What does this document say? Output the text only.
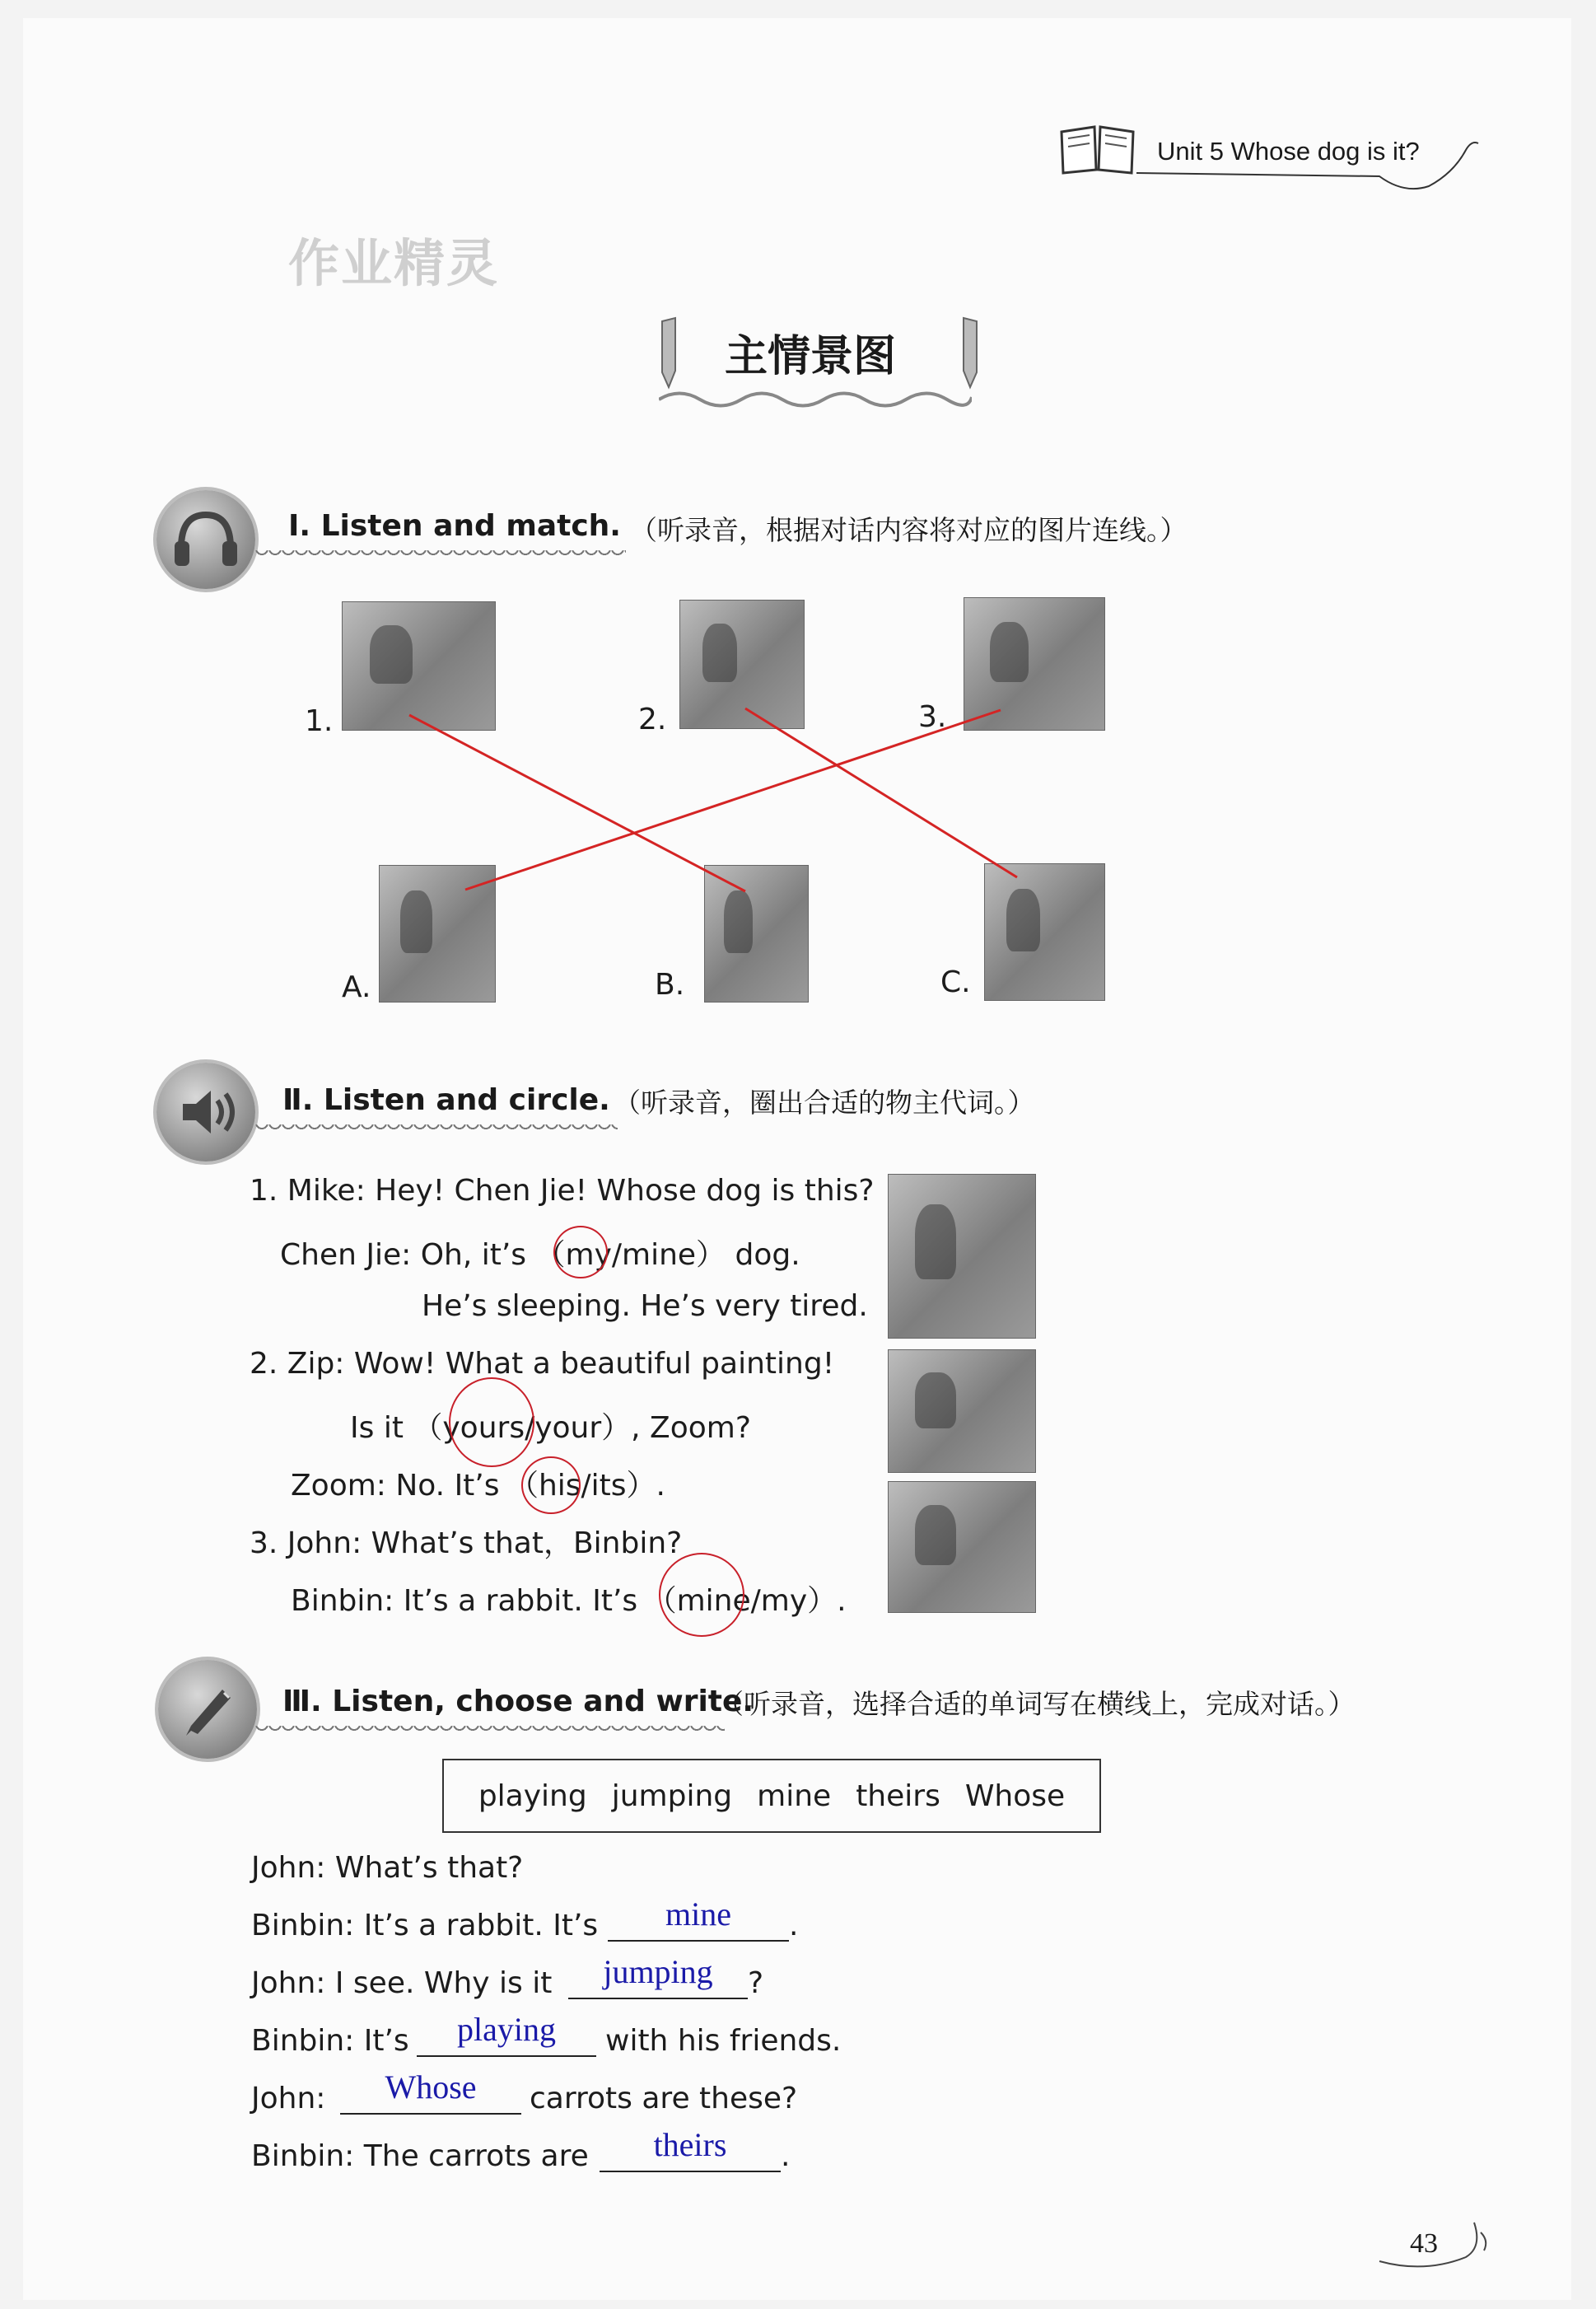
Unit 5 Whose dog is it?
作业精灵
主情景图
Ⅰ. Listen and match. （听录音，根据对话内容将对应的图片连线。）
1.	2.	3.
A.	B.	C.
Ⅱ. Listen and circle. （听录音，圈出合适的物主代词。）
1. Mike: Hey! Chen Jie! Whose dog is this?
Chen Jie: Oh, it’s （my/mine） dog.
He’s sleeping. He’s very tired.
2. Zip: Wow! What a beautiful painting!
Is it （yours/your）, Zoom?
Zoom: No. It’s （his/its）.
3. John: What’s that，Binbin?
Binbin: It’s a rabbit. It’s （mine/my）.
Ⅲ. Listen, choose and write.
（听录音，选择合适的单词写在横线上，完成对话。）
playing jumping mine theirs Whose
John: What’s that?
Binbin: It’s a rabbit. It’s	mine	.
John: I see. Why is it	jumping	?
Binbin: It’s	playing	with his friends.
John:	Whose	carrots are these?
Binbin: The carrots are	theirs	.
43
